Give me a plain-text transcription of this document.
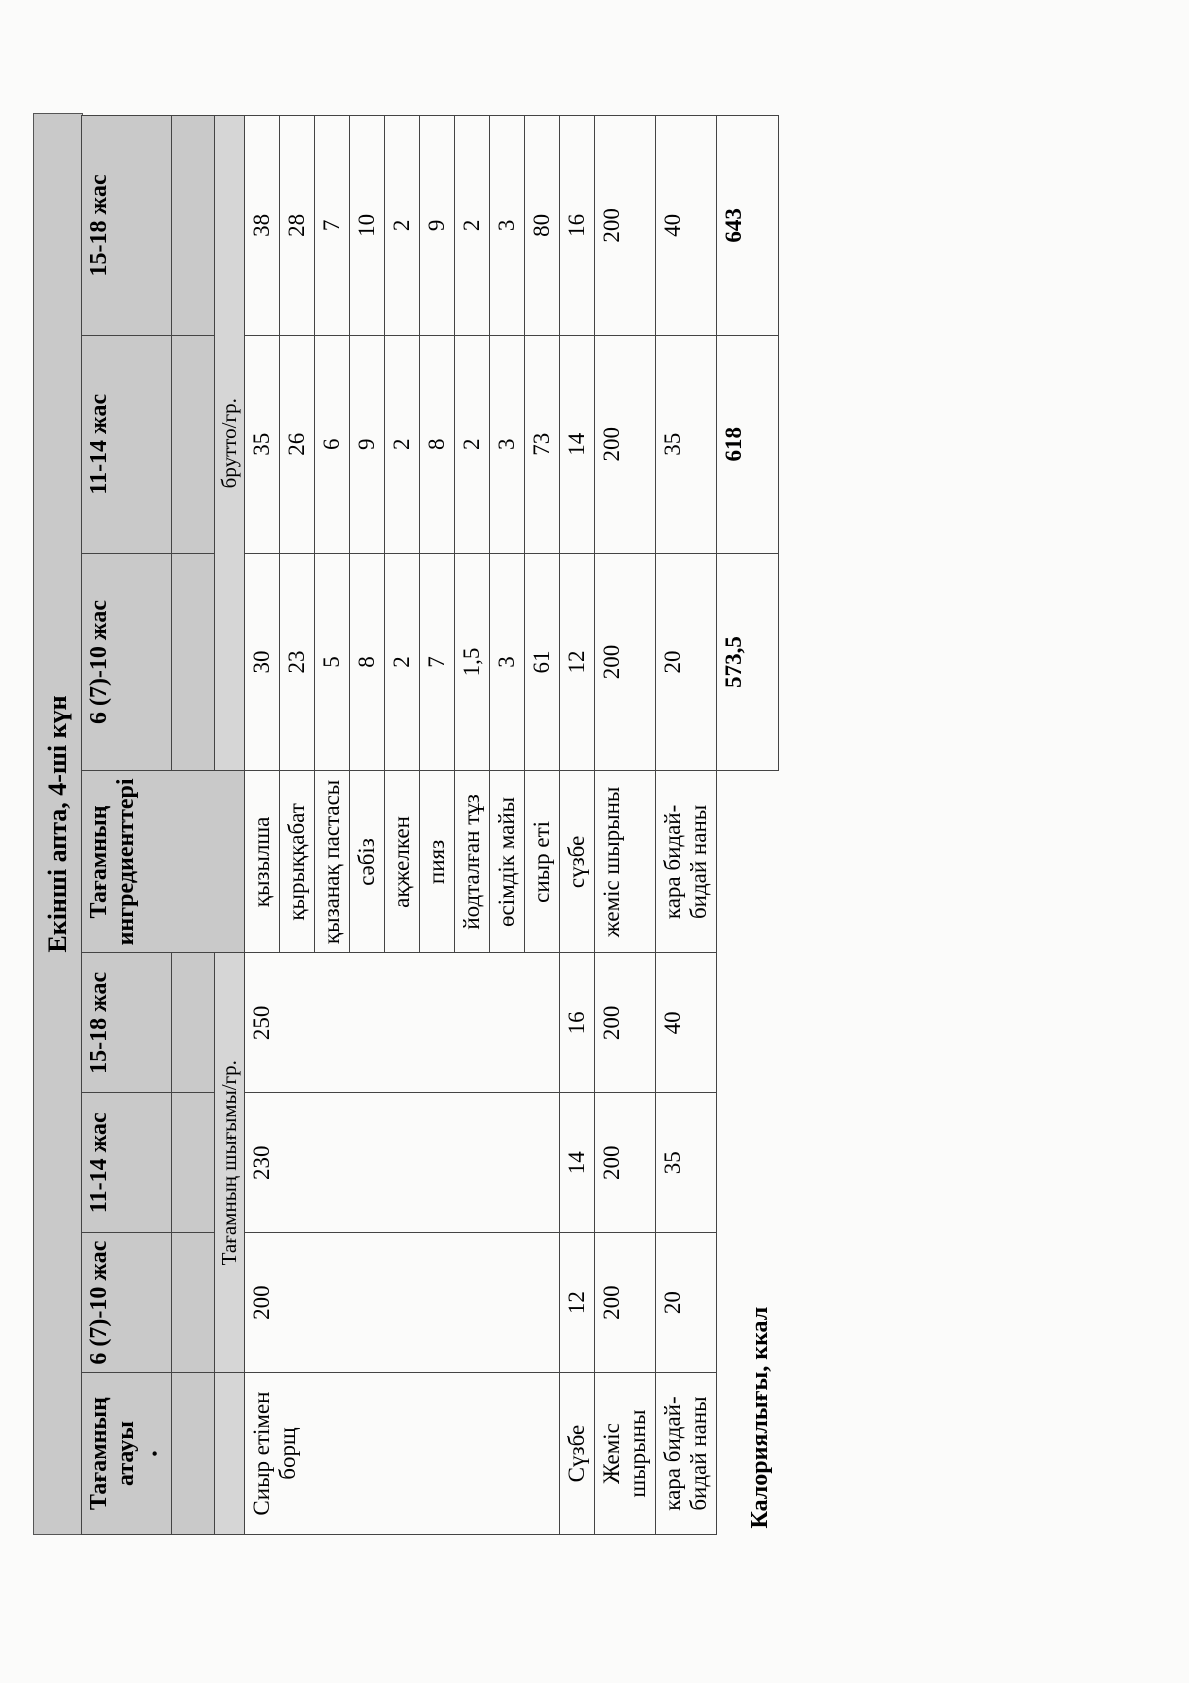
Екінші апта, 4-ші күн
Тағамның атауы •	6 (7)-10 жас	11-14 жас	15-18 жас	Тағамның ингредиенттері	6 (7)-10 жас	11-14 жас	15-18 жас

	Тағамның шығымы/гр.				брутто/гр.		
Сиыр етімен борщ	200	230	250	қызылша	30	35	38
				қырыққабат	23	26	28
				қызанақ пастасы	5	6	7
				сәбіз	8	9	10
				ақжелкен	2	2	2
				пияз	7	8	9
				йодталған тұз	1,5	2	2
				өсімдік майы	3	3	3
				сиыр еті	61	73	80
Сүзбе	12	14	16	сүзбе	12	14	16
Жеміс шырыны	200	200	200	жеміс шырыны	200	200	200
кара бидай-бидай наны	20	35	40	кара бидай-бидай наны	20	35	40
Калориялығы, ккал					573,5	618	643
